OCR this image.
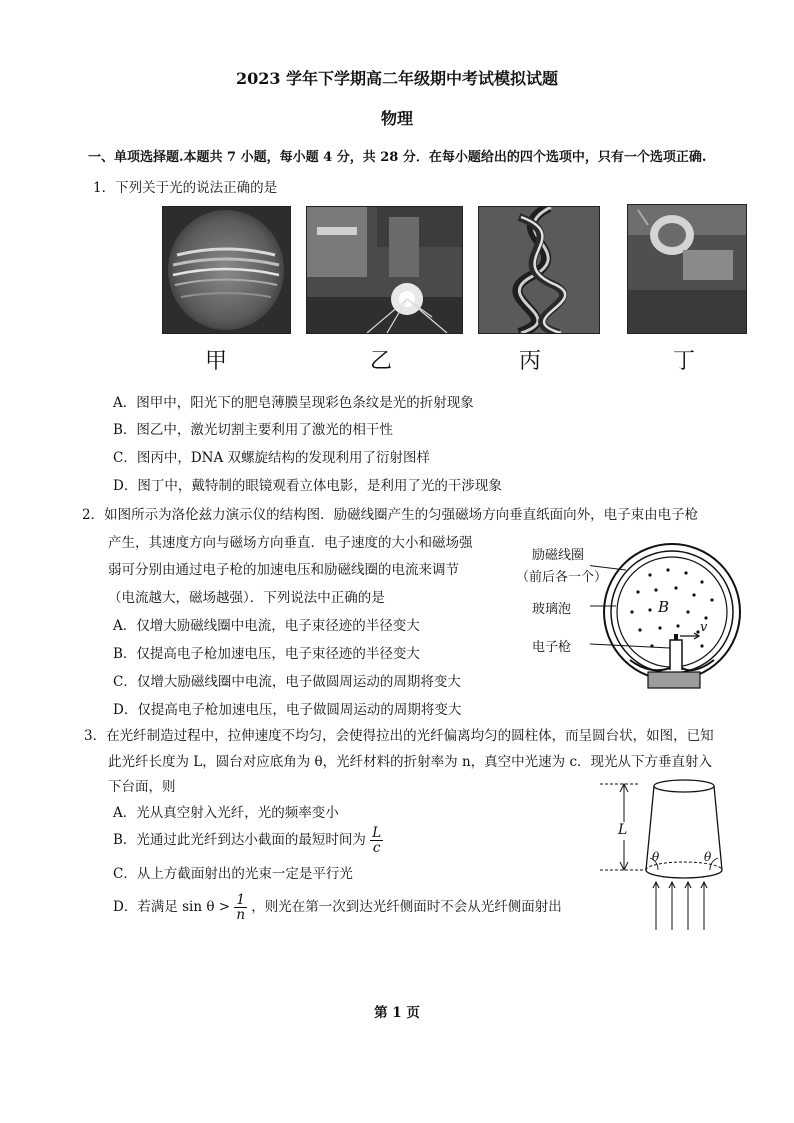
2023 学年下学期高二年级期中考试模拟试题
物理
一、单项选择题.本题共 7 小题，每小题 4 分，共 28 分．在每小题给出的四个选项中，只有一个选项正确.
1．下列关于光的说法正确的是
甲	乙	丙	丁
A．图甲中，阳光下的肥皂薄膜呈现彩色条纹是光的折射现象
B．图乙中，激光切割主要利用了激光的相干性
C．图丙中，DNA 双螺旋结构的发现利用了衍射图样
D．图丁中，戴特制的眼镜观看立体电影，是利用了光的干涉现象
2．如图所示为洛伦兹力演示仪的结构图．励磁线圈产生的匀强磁场方向垂直纸面向外，电子束由电子枪
产生，其速度方向与磁场方向垂直．电子速度的大小和磁场强
弱可分别由通过电子枪的加速电压和励磁线圈的电流来调节
（电流越大，磁场越强）．下列说法中正确的是
A．仅增大励磁线圈中电流，电子束径迹的半径变大
B．仅提高电子枪加速电压，电子束径迹的半径变大
C．仅增大励磁线圈中电流，电子做圆周运动的周期将变大
D．仅提高电子枪加速电压，电子做圆周运动的周期将变大
励磁线圈
（前后各一个）
玻璃泡
电子枪
B
v
3．在光纤制造过程中，拉伸速度不均匀，会使得拉出的光纤偏离均匀的圆柱体，而呈圆台状，如图，已知
此光纤长度为 L，圆台对应底角为 θ，光纤材料的折射率为 n，真空中光速为 c．现光从下方垂直射入
下台面，则
A．光从真空射入光纤，光的频率变小
B．光通过此光纤到达小截面的最短时间为 $\frac{L}{c}$
C．从上方截面射出的光束一定是平行光
D．若满足 $\sin \theta > \frac{1}{n}$ ，则光在第一次到达光纤侧面时不会从光纤侧面射出
L
θ	θ
第 1 页
